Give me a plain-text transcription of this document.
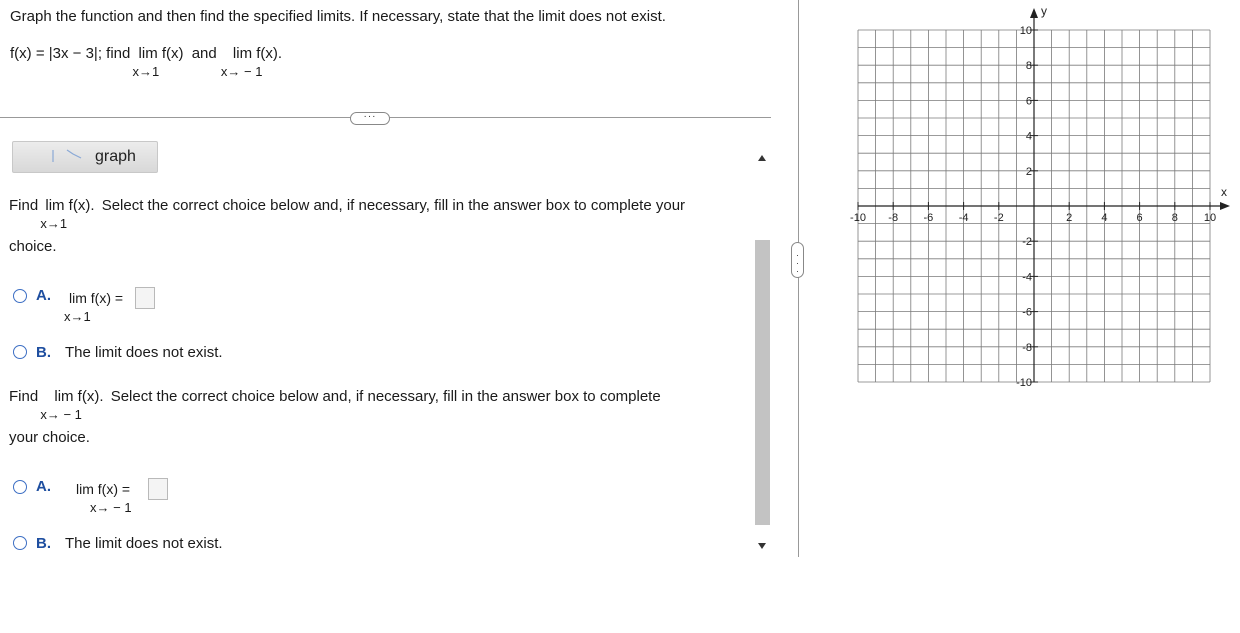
Graph the function and then find the specified limits. If necessary, state that the limit does not exist.
f(x) = |3x − 3|; find lim f(x)
x→1
and lim f(x).
x→ − 1
···
graph
Find lim f(x).
x→1
Select the correct choice below and, if necessary, fill in the answer box to complete your
choice.
A. lim f(x) =
x→1
B. The limit does not exist.
Find lim f(x).
x→ − 1
Select the correct choice below and, if necessary, fill in the answer box to complete
your choice.
A. lim f(x) =
x→ − 1
B. The limit does not exist.

·
·
·
-10 -8 -6 -4 -2	2	4	6	8 10
10
8
6
4
2
-2
-4
-6
-8
-10
x
y
